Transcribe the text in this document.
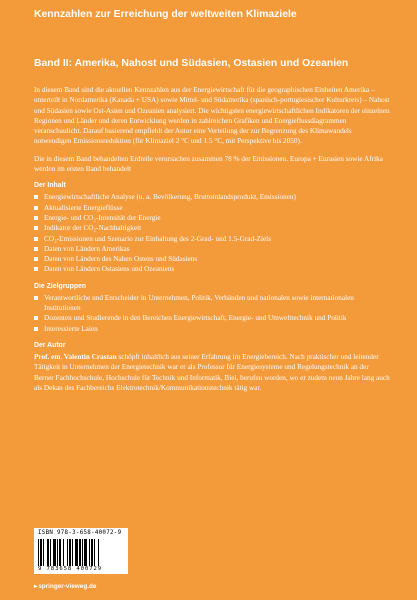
Kennzahlen zur Erreichung der weltweiten Klimaziele
Band II: Amerika, Nahost und Südasien, Ostasien und Ozeanien

In diesem Band sind die aktuellen Kennzahlen aus der Energiewirtschaft für die geographischen Einheiten Amerika – unterteilt in Nordamerika (Kanada + USA) sowie Mittel- und Südamerika (spanisch-portugiesischer Kulturkreis) – Nahost und Südasien sowie Ost-Asien und Ozeanien analysiert. Die wichtigsten energiewirtschaftlichen Indikatoren der einzelnen Regionen und Länder und deren Entwicklung werden in zahlreichen Grafiken und Energieflussdiagrammen veranschaulicht. Darauf basierend empfiehlt der Autor eine Verteilung der zur Begrenzung des Klimawandels notwendigen Emissionsreduktion (für Klimaziel 2 °C und 1.5 °C, mit Perspektive bis 2050).

Die in diesem Band behandelten Erdteile verursachen zusammen 78 % der Emissionen. Europa + Eurasien sowie Afrika werden im ersten Band behandelt

Der Inhalt
Energiewirtschaftliche Analyse (u. a. Bevölkerung, Bruttoinlandsprodukt, Emissionen)
Aktualisierte Energieflüsse
Energie- und CO₂-Intensität der Energie
Indikator der CO₂-Nachhaltigkeit
CO₂-Emissionen und Szenario zur Einhaltung des 2-Grad- und 1.5-Grad-Ziels
Daten von Ländern Amerikas
Daten von Ländern des Nahen Ostens und Südasiens
Daten von Ländern Ostasiens und Ozeaniens
Die Zielgruppen
Verantwortliche und Entscheider in Unternehmen, Politik, Verbänden und nationalen sowie internationalen Institutionen
Dozenten und Studierende in den Bereichen Energiewirtschaft, Energie- und Umwelttechnik und Politik
Interessierte Laien
Der Autor

Prof. em. Valentin Crastan schöpft inhaltlich aus seiner Erfahrung im Energiebereich. Nach praktischer und leitender Tätigkeit in Unternehmen der Energietechnik war er als Professor für Energiesysteme und Regelungstechnik an der Berner Fachhochschule, Hochschule für Technik und Informatik, Biel, berufen worden, wo er zudem neun Jahre lang auch als Dekan des Fachbereichs Elektrotechnik/Kommunikationstechnik tätig war.

ISBN 978-3-658-40072-9
9 783658 400729
▸springer-vieweg.de
